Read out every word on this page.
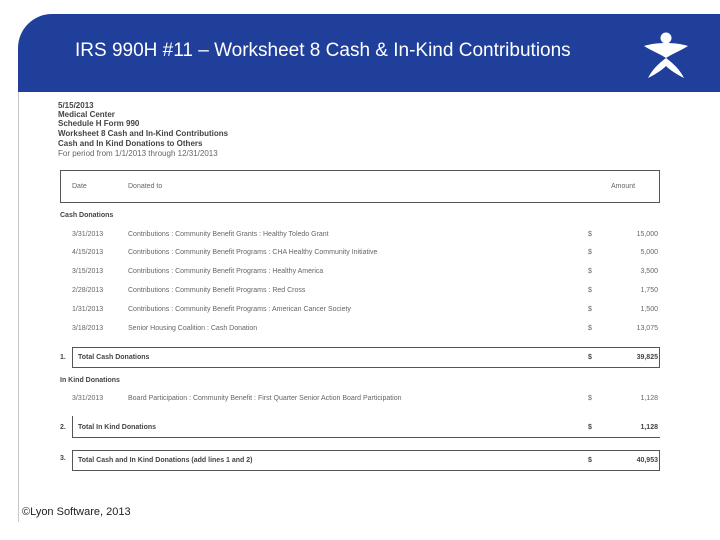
IRS 990H #11 – Worksheet 8 Cash & In-Kind Contributions
5/15/2013
Medical Center
Schedule H Form 990
Worksheet 8 Cash and In-Kind Contributions
Cash and In Kind Donations to Others
For period from 1/1/2013 through 12/31/2013
Date	Donated to	Amount
Cash Donations
3/31/2013	Contributions : Community Benefit Grants : Healthy Toledo Grant	$	15,000
4/15/2013	Contributions : Community Benefit Programs : CHA Healthy Community Initiative	$	5,000
3/15/2013	Contributions : Community Benefit Programs : Healthy America	$	3,500
2/28/2013	Contributions : Community Benefit Programs : Red Cross	$	1,750
1/31/2013	Contributions : Community Benefit Programs : American Cancer Society	$	1,500
3/18/2013	Senior Housing Coalition : Cash Donation	$	13,075
1. Total Cash Donations	$	39,825
In Kind Donations
3/31/2013	Board Participation : Community Benefit : First Quarter Senior Action Board Participation	$	1,128
2. Total In Kind Donations	$	1,128
3. Total Cash and In Kind Donations (add lines 1 and 2)	$	40,953
©Lyon Software, 2013
